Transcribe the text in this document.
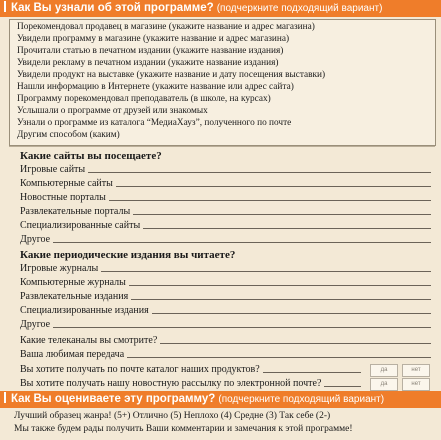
Как Вы узнали об этой программе? (подчеркните подходящий вариант)
Порекомендовал продавец в магазине (укажите название и адрес магазина)
Увидели программу в магазине (укажите название и адрес магазина)
Прочитали статью в печатном издании (укажите название издания)
Увидели рекламу в печатном издании (укажите название издания)
Увидели продукт на выставке (укажите название и дату посещения выставки)
Нашли информацию в Интернете (укажите название или адрес сайта)
Программу порекомендовал преподаватель (в школе, на курсах)
Услышали о программе от друзей или знакомых
Узнали о программе из каталога “МедиаХауз”, полученного по почте
Другим способом (каким)
Какие сайты вы посещаете?
Игровые сайты
Компьютерные сайты
Новостные порталы
Развлекательные порталы
Специализированные сайты
Другое
Какие периодические издания вы читаете?
Игровые журналы
Компьютерные журналы
Развлекательные издания
Специализированные издания
Другое
Какие телеканалы вы смотрите?
Ваша любимая передача
Вы хотите получать по почте каталог наших продуктов?	да	нет
Вы хотите получать нашу новостную рассылку по электронной почте?	да	нет
Как Вы оцениваете эту программу? (подчеркните подходящий вариант)
Лучший образец жанра! (5+) Отлично (5) Неплохо (4) Средне (3) Так себе (2-)
Мы также будем рады получить Ваши комментарии и замечания к этой программе!
